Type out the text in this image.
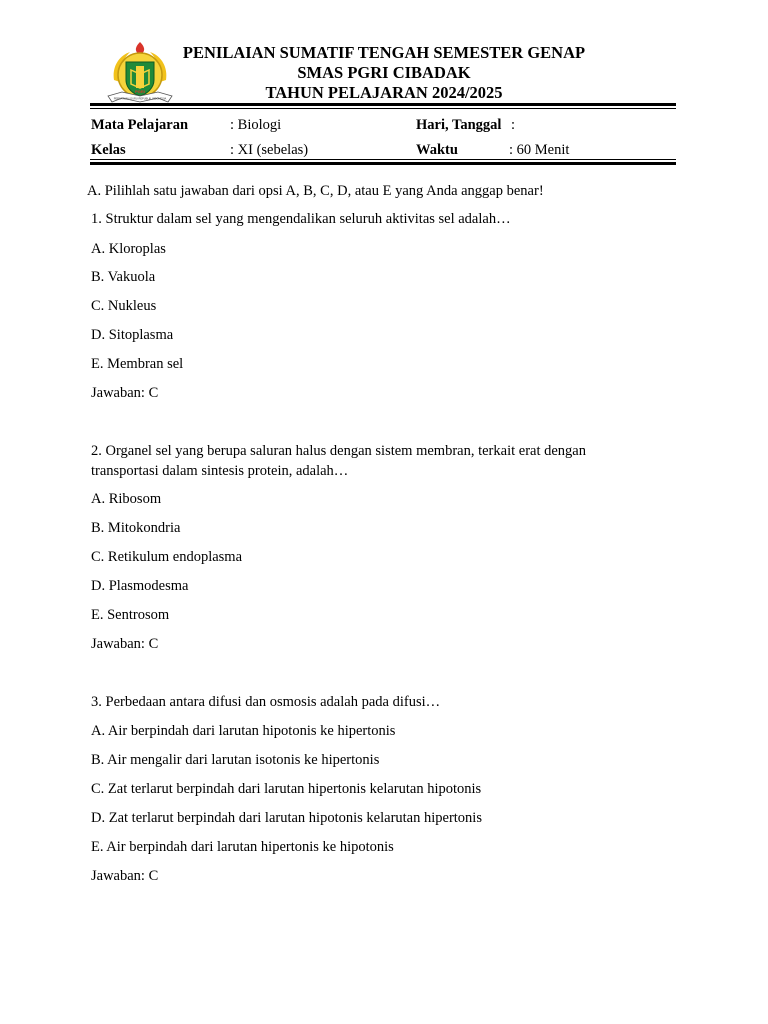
PERSATUAN GURU REPUBLIK INDONESIA
PGRI
PENILAIAN SUMATIF TENGAH SEMESTER GENAP
SMAS PGRI CIBADAK
TAHUN PELAJARAN 2024/2025
Mata Pelajaran	: Biologi	Hari, Tanggal :
Kelas	: XI (sebelas)	Waktu	: 60 Menit
A. Pilihlah satu jawaban dari opsi A, B, C, D, atau E yang Anda anggap benar!
1. Struktur dalam sel yang mengendalikan seluruh aktivitas sel adalah…
A. Kloroplas
B. Vakuola
C. Nukleus
D. Sitoplasma
E. Membran sel
Jawaban: C
2. Organel sel yang berupa saluran halus dengan sistem membran, terkait erat dengan
transportasi dalam sintesis protein, adalah…
A. Ribosom
B. Mitokondria
C. Retikulum endoplasma
D. Plasmodesma
E. Sentrosom
Jawaban: C
3. Perbedaan antara difusi dan osmosis adalah pada difusi…
A. Air berpindah dari larutan hipotonis ke hipertonis
B. Air mengalir dari larutan isotonis ke hipertonis
C. Zat terlarut berpindah dari larutan hipertonis kelarutan hipotonis
D. Zat terlarut berpindah dari larutan hipotonis kelarutan hipertonis
E. Air berpindah dari larutan hipertonis ke hipotonis
Jawaban: C
